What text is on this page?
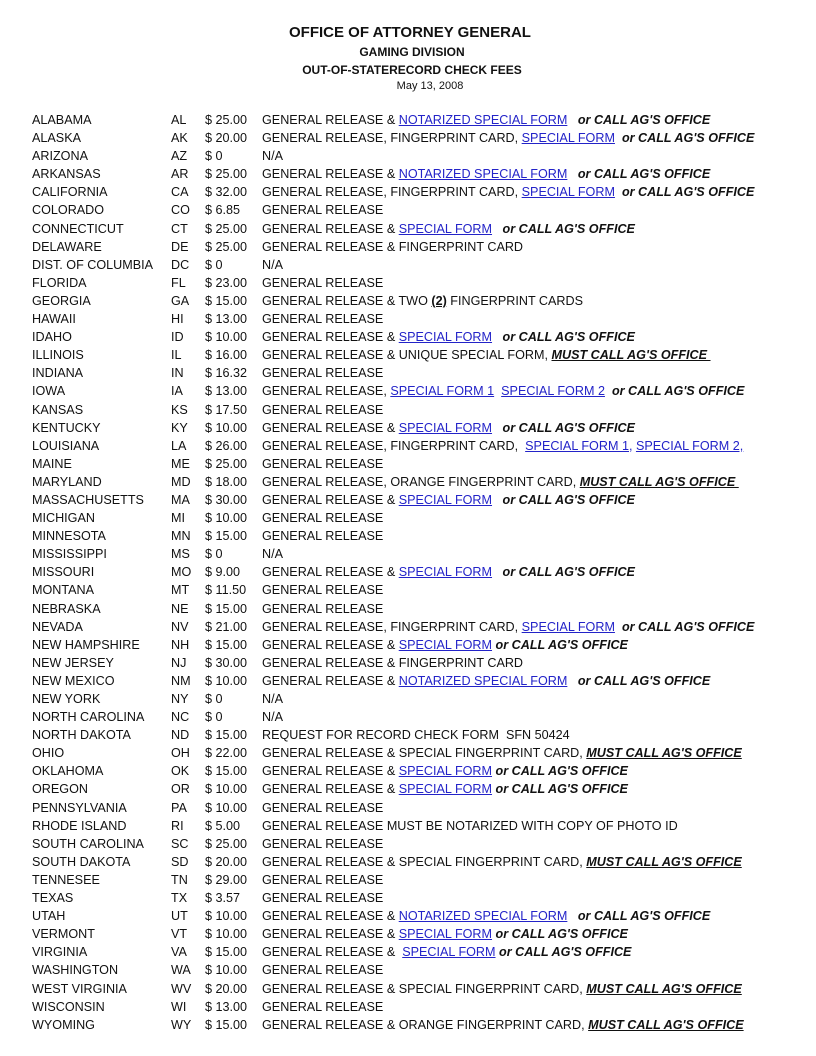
OFFICE OF ATTORNEY GENERAL
GAMING DIVISION
OUT-OF-STATERECORD CHECK FEES
May 13, 2008
ALABAMA	AL $ 25.00 GENERAL RELEASE & NOTARIZED SPECIAL FORM or CALL AG'S OFFICE
ALASKA	AK $ 20.00 GENERAL RELEASE, FINGERPRINT CARD, SPECIAL FORM or CALL AG'S OFFICE
ARIZONA	AZ $ 0	N/A
ARKANSAS	AR $ 25.00 GENERAL RELEASE & NOTARIZED SPECIAL FORM or CALL AG'S OFFICE
CALIFORNIA	CA $ 32.00 GENERAL RELEASE, FINGERPRINT CARD, SPECIAL FORM or CALL AG'S OFFICE
COLORADO	CO $ 6.85 GENERAL RELEASE
CONNECTICUT	CT $ 25.00 GENERAL RELEASE & SPECIAL FORM or CALL AG'S OFFICE
DELAWARE	DE $ 25.00 GENERAL RELEASE & FINGERPRINT CARD
DIST. OF COLUMBIA DC $ 0	N/A
FLORIDA	FL $ 23.00 GENERAL RELEASE
GEORGIA	GA $ 15.00 GENERAL RELEASE & TWO (2) FINGERPRINT CARDS
HAWAII	HI $ 13.00 GENERAL RELEASE
IDAHO	ID $ 10.00 GENERAL RELEASE & SPECIAL FORM or CALL AG'S OFFICE
ILLINOIS	IL $ 16.00 GENERAL RELEASE & UNIQUE SPECIAL FORM, MUST CALL AG'S OFFICE
INDIANA	IN $ 16.32 GENERAL RELEASE
IOWA	IA $ 13.00 GENERAL RELEASE, SPECIAL FORM 1 SPECIAL FORM 2 or CALL AG'S OFFICE
KANSAS	KS $ 17.50 GENERAL RELEASE
KENTUCKY	KY $ 10.00 GENERAL RELEASE & SPECIAL FORM or CALL AG'S OFFICE
LOUISIANA	LA $ 26.00 GENERAL RELEASE, FINGERPRINT CARD,  SPECIAL FORM 1, SPECIAL FORM 2,
MAINE	ME $ 25.00 GENERAL RELEASE
MARYLAND	MD $ 18.00 GENERAL RELEASE, ORANGE FINGERPRINT CARD, MUST CALL AG'S OFFICE
MASSACHUSETTS MA $ 30.00 GENERAL RELEASE & SPECIAL FORM or CALL AG'S OFFICE
MICHIGAN	MI $ 10.00 GENERAL RELEASE
MINNESOTA	MN $ 15.00 GENERAL RELEASE
MISSISSIPPI	MS $ 0	N/A
MISSOURI	MO $ 9.00 GENERAL RELEASE & SPECIAL FORM or CALL AG'S OFFICE
MONTANA	MT $ 11.50 GENERAL RELEASE
NEBRASKA	NE $ 15.00 GENERAL RELEASE
NEVADA	NV $ 21.00 GENERAL RELEASE, FINGERPRINT CARD, SPECIAL FORM or CALL AG'S OFFICE
NEW HAMPSHIRE NH $ 15.00 GENERAL RELEASE & SPECIAL FORM or CALL AG'S OFFICE
NEW JERSEY	NJ $ 30.00 GENERAL RELEASE & FINGERPRINT CARD
NEW MEXICO	NM $ 10.00 GENERAL RELEASE & NOTARIZED SPECIAL FORM or CALL AG'S OFFICE
NEW YORK	NY $ 0	N/A
NORTH CAROLINA NC $ 0	N/A
NORTH DAKOTA	ND $ 15.00 REQUEST FOR RECORD CHECK FORM  SFN 50424
OHIO	OH $ 22.00 GENERAL RELEASE & SPECIAL FINGERPRINT CARD, MUST CALL AG'S OFFICE
OKLAHOMA	OK $ 15.00 GENERAL RELEASE & SPECIAL FORM or CALL AG'S OFFICE
OREGON	OR $ 10.00 GENERAL RELEASE & SPECIAL FORM or CALL AG'S OFFICE
PENNSYLVANIA	PA $ 10.00 GENERAL RELEASE
RHODE ISLAND	RI $ 5.00 GENERAL RELEASE MUST BE NOTARIZED WITH COPY OF PHOTO ID
SOUTH CAROLINA SC $ 25.00 GENERAL RELEASE
SOUTH DAKOTA	SD $ 20.00 GENERAL RELEASE & SPECIAL FINGERPRINT CARD, MUST CALL AG'S OFFICE
TENNESEE	TN $ 29.00 GENERAL RELEASE
TEXAS	TX $ 3.57 GENERAL RELEASE
UTAH	UT $ 10.00 GENERAL RELEASE & NOTARIZED SPECIAL FORM or CALL AG'S OFFICE
VERMONT	VT $ 10.00 GENERAL RELEASE & SPECIAL FORM or CALL AG'S OFFICE
VIRGINIA	VA $ 15.00 GENERAL RELEASE &  SPECIAL FORM or CALL AG'S OFFICE
WASHINGTON	WA $ 10.00 GENERAL RELEASE
WEST VIRGINIA	WV $ 20.00 GENERAL RELEASE & SPECIAL FINGERPRINT CARD, MUST CALL AG'S OFFICE
WISCONSIN	WI $ 13.00 GENERAL RELEASE
WYOMING	WY $ 15.00 GENERAL RELEASE & ORANGE FINGERPRINT CARD, MUST CALL AG'S OFFICE
